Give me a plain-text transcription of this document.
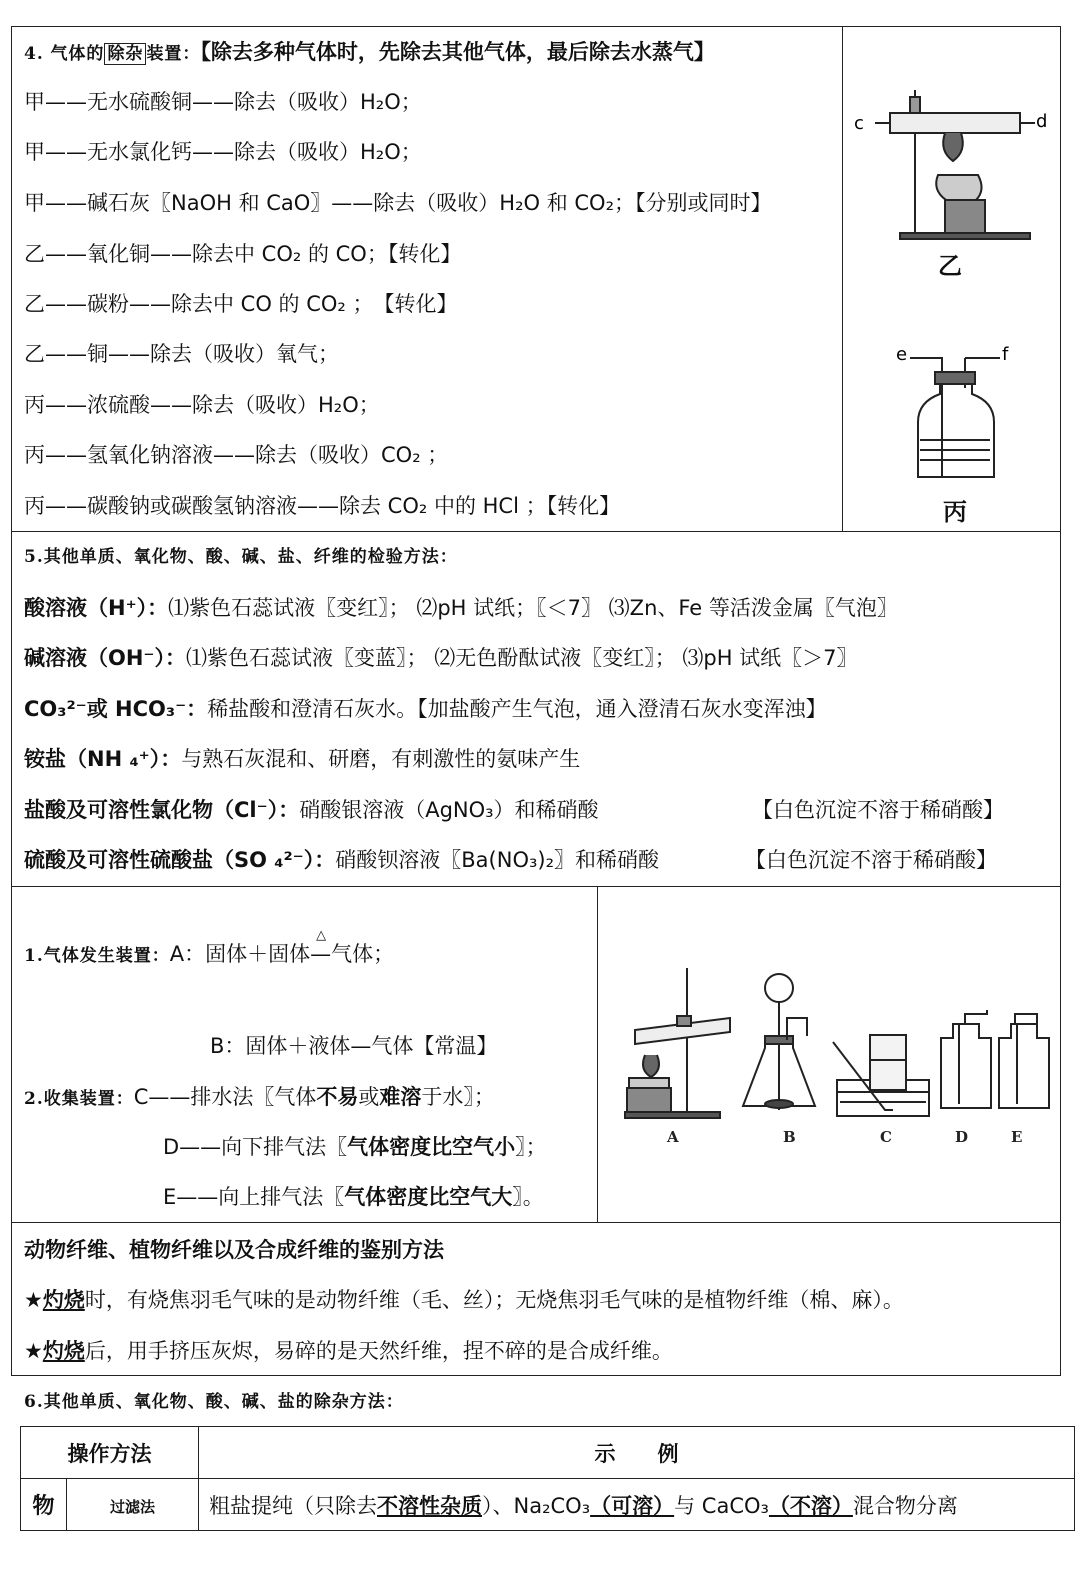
4. 气体的 除杂 装置：【除去多种气体时，先除去其他气体，最后除去水蒸气】
甲——无水硫酸铜——除去（吸收）H₂O；
甲——无水氯化钙——除去（吸收）H₂O；
甲——碱石灰〖NaOH 和 CaO〗——除去（吸收）H₂O 和 CO₂；【分别或同时】
乙——氧化铜——除去中 CO₂ 的 CO；【转化】
乙——碳粉——除去中 CO 的 CO₂ ；　【转化】
乙——铜——除去（吸收）氧气；
丙——浓硫酸——除去（吸收）H₂O；
丙——氢氧化钠溶液——除去（吸收）CO₂ ；
丙——碳酸钠或碳酸氢钠溶液——除去 CO₂ 中的 HCl ；【转化】
c	d
乙
e	f
丙
5.其他单质、氧化物、酸、碱、盐、纤维的检验方法：
酸溶液（H⁺）：⑴紫色石蕊试液〖变红〗； ⑵pH 试纸；〖＜7〗 ⑶Zn、Fe 等活泼金属〖气泡〗
碱溶液（OH⁻）：⑴紫色石蕊试液〖变蓝〗； ⑵无色酚酞试液〖变红〗； ⑶pH 试纸〖＞7〗
CO₃²⁻或 HCO₃⁻：稀盐酸和澄清石灰水。【加盐酸产生气泡，通入澄清石灰水变浑浊】
铵盐（NH ₄⁺）：与熟石灰混和、研磨，有刺激性的氨味产生
盐酸及可溶性氯化物（Cl⁻）：硝酸银溶液（AgNO₃）和稀硝酸	【白色沉淀不溶于稀硝酸】
硫酸及可溶性硫酸盐（SO ₄²⁻）：硝酸钡溶液〖Ba(NO₃)₂〗和稀硝酸	【白色沉淀不溶于稀硝酸】
1.气体发生装置：A：固体＋固体
△
—气体；
B：固体＋液体—气体【常温】
2.收集装置：C——排水法〖气体不易或难溶于水〗；
D——向下排气法〖气体密度比空气小〗；
E——向上排气法〖气体密度比空气大〗。
A	B	C	D	E
动物纤维、植物纤维以及合成纤维的鉴别方法
★灼烧时，有烧焦羽毛气味的是动物纤维（毛、丝）；无烧焦羽毛气味的是植物纤维（棉、麻）。
★灼烧后，用手挤压灰烬，易碎的是天然纤维，捏不碎的是合成纤维。
6.其他单质、氧化物、酸、碱、盐的除杂方法：
操作方法		示　　例
物	过滤法	粗盐提纯（只除去不溶性杂质）、Na₂CO₃（可溶）与 CaCO₃（不溶）混合物分离
